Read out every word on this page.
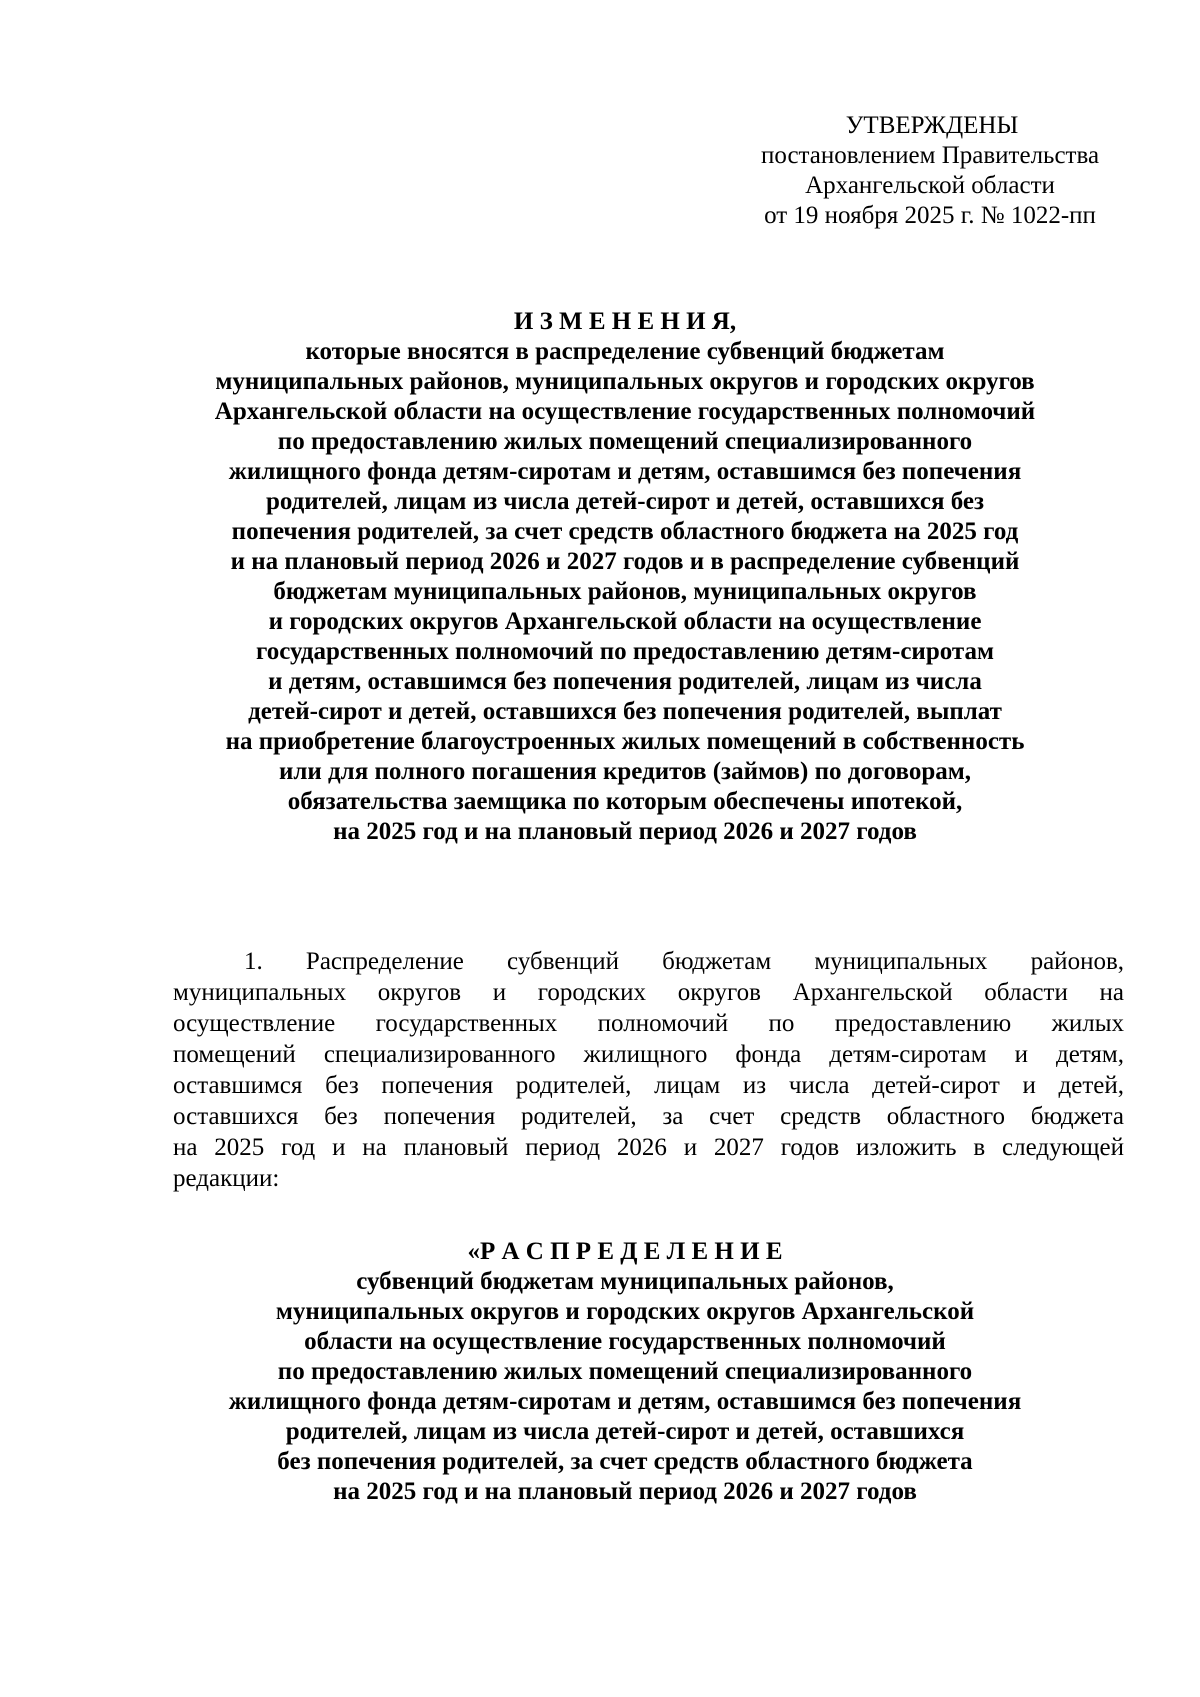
УТВЕРЖДЕНЫ
постановлением Правительства
Архангельской области
от 19 ноября 2025 г. № 1022-пп
И З М Е Н Е Н И Я,
которые вносятся в распределение субвенций бюджетам
муниципальных районов, муниципальных округов и городских округов
Архангельской области на осуществление государственных полномочий
по предоставлению жилых помещений специализированного
жилищного фонда детям-сиротам и детям, оставшимся без попечения
родителей, лицам из числа детей-сирот и детей, оставшихся без
попечения родителей, за счет средств областного бюджета на 2025 год
и на плановый период 2026 и 2027 годов и в распределение субвенций
бюджетам муниципальных районов, муниципальных округов
и городских округов Архангельской области на осуществление
государственных полномочий по предоставлению детям-сиротам
и детям, оставшимся без попечения родителей, лицам из числа
детей-сирот и детей, оставшихся без попечения родителей, выплат
на приобретение благоустроенных жилых помещений в собственность
или для полного погашения кредитов (займов) по договорам,
обязательства заемщика по которым обеспечены ипотекой,
на 2025 год и на плановый период 2026 и 2027 годов
1. Распределение субвенций бюджетам муниципальных районов,
муниципальных округов и городских округов Архангельской области на
осуществление государственных полномочий по предоставлению жилых
помещений специализированного жилищного фонда детям-сиротам и детям,
оставшимся без попечения родителей, лицам из числа детей-сирот и детей,
оставшихся без попечения родителей, за счет средств областного бюджета
на 2025 год и на плановый период 2026 и 2027 годов изложить в следующей
редакции:
«Р А С П Р Е Д Е Л Е Н И Е
субвенций бюджетам муниципальных районов,
муниципальных округов и городских округов Архангельской
области на осуществление государственных полномочий
по предоставлению жилых помещений специализированного
жилищного фонда детям-сиротам и детям, оставшимся без попечения
родителей, лицам из числа детей-сирот и детей, оставшихся
без попечения родителей, за счет средств областного бюджета
на 2025 год и на плановый период 2026 и 2027 годов
